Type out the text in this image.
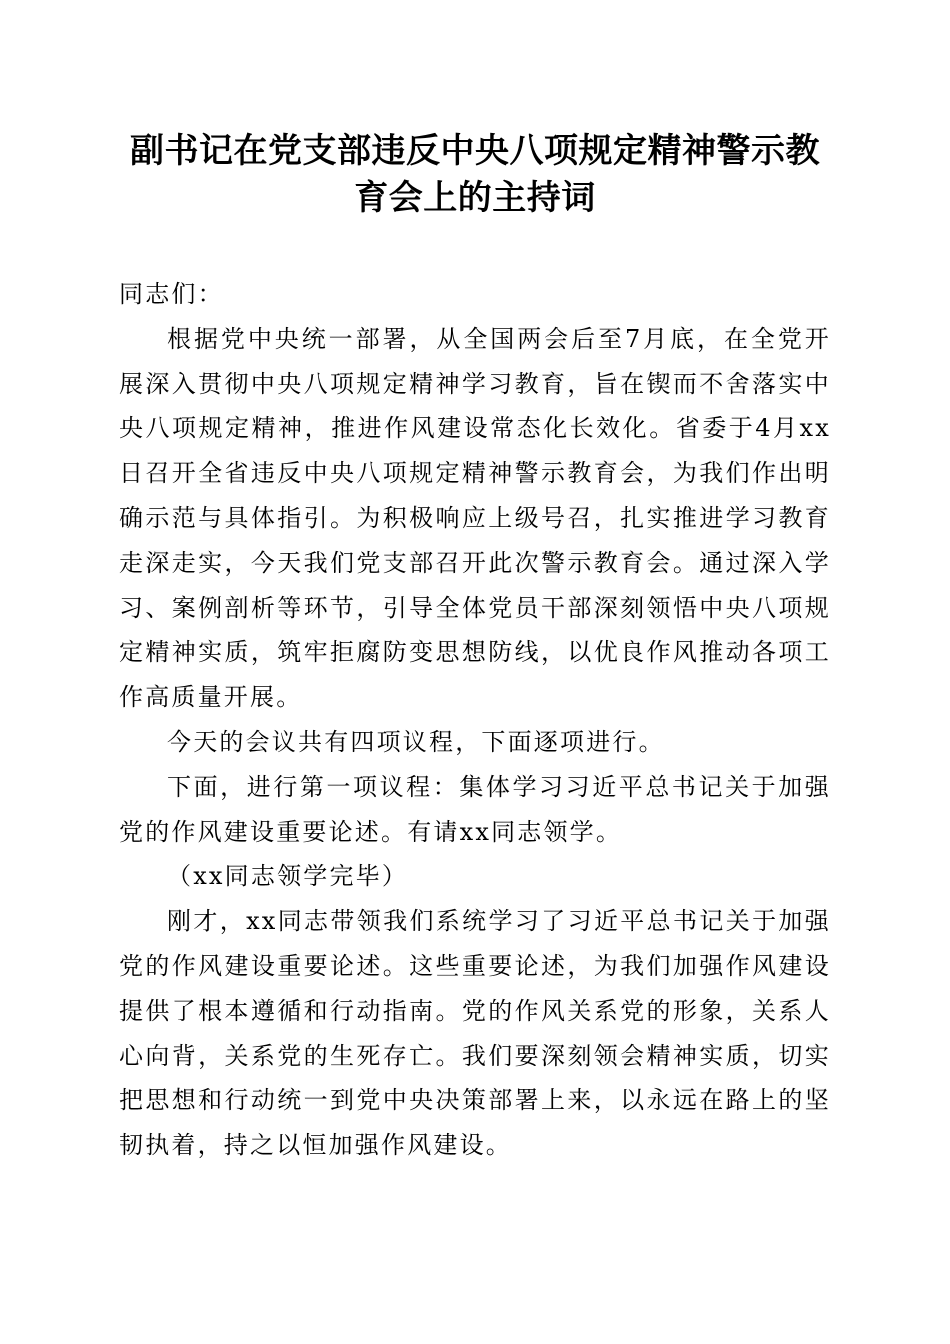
副书记在党支部违反中央八项规定精神警示教
育会上的主持词

同志们：

根据党中央统一部署，从全国两会后至7月底，在全党开展深入贯彻中央八项规定精神学习教育，旨在锲而不舍落实中央八项规定精神，推进作风建设常态化长效化。省委于4月xx日召开全省违反中央八项规定精神警示教育会，为我们作出明确示范与具体指引。为积极响应上级号召，扎实推进学习教育走深走实，今天我们党支部召开此次警示教育会。通过深入学习、案例剖析等环节，引导全体党员干部深刻领悟中央八项规定精神实质，筑牢拒腐防变思想防线，以优良作风推动各项工作高质量开展。

今天的会议共有四项议程，下面逐项进行。

下面，进行第一项议程：集体学习习近平总书记关于加强党的作风建设重要论述。有请xx同志领学。

（xx同志领学完毕）

刚才，xx同志带领我们系统学习了习近平总书记关于加强党的作风建设重要论述。这些重要论述，为我们加强作风建设提供了根本遵循和行动指南。党的作风关系党的形象，关系人心向背，关系党的生死存亡。我们要深刻领会精神实质，切实把思想和行动统一到党中央决策部署上来，以永远在路上的坚韧执着，持之以恒加强作风建设。
